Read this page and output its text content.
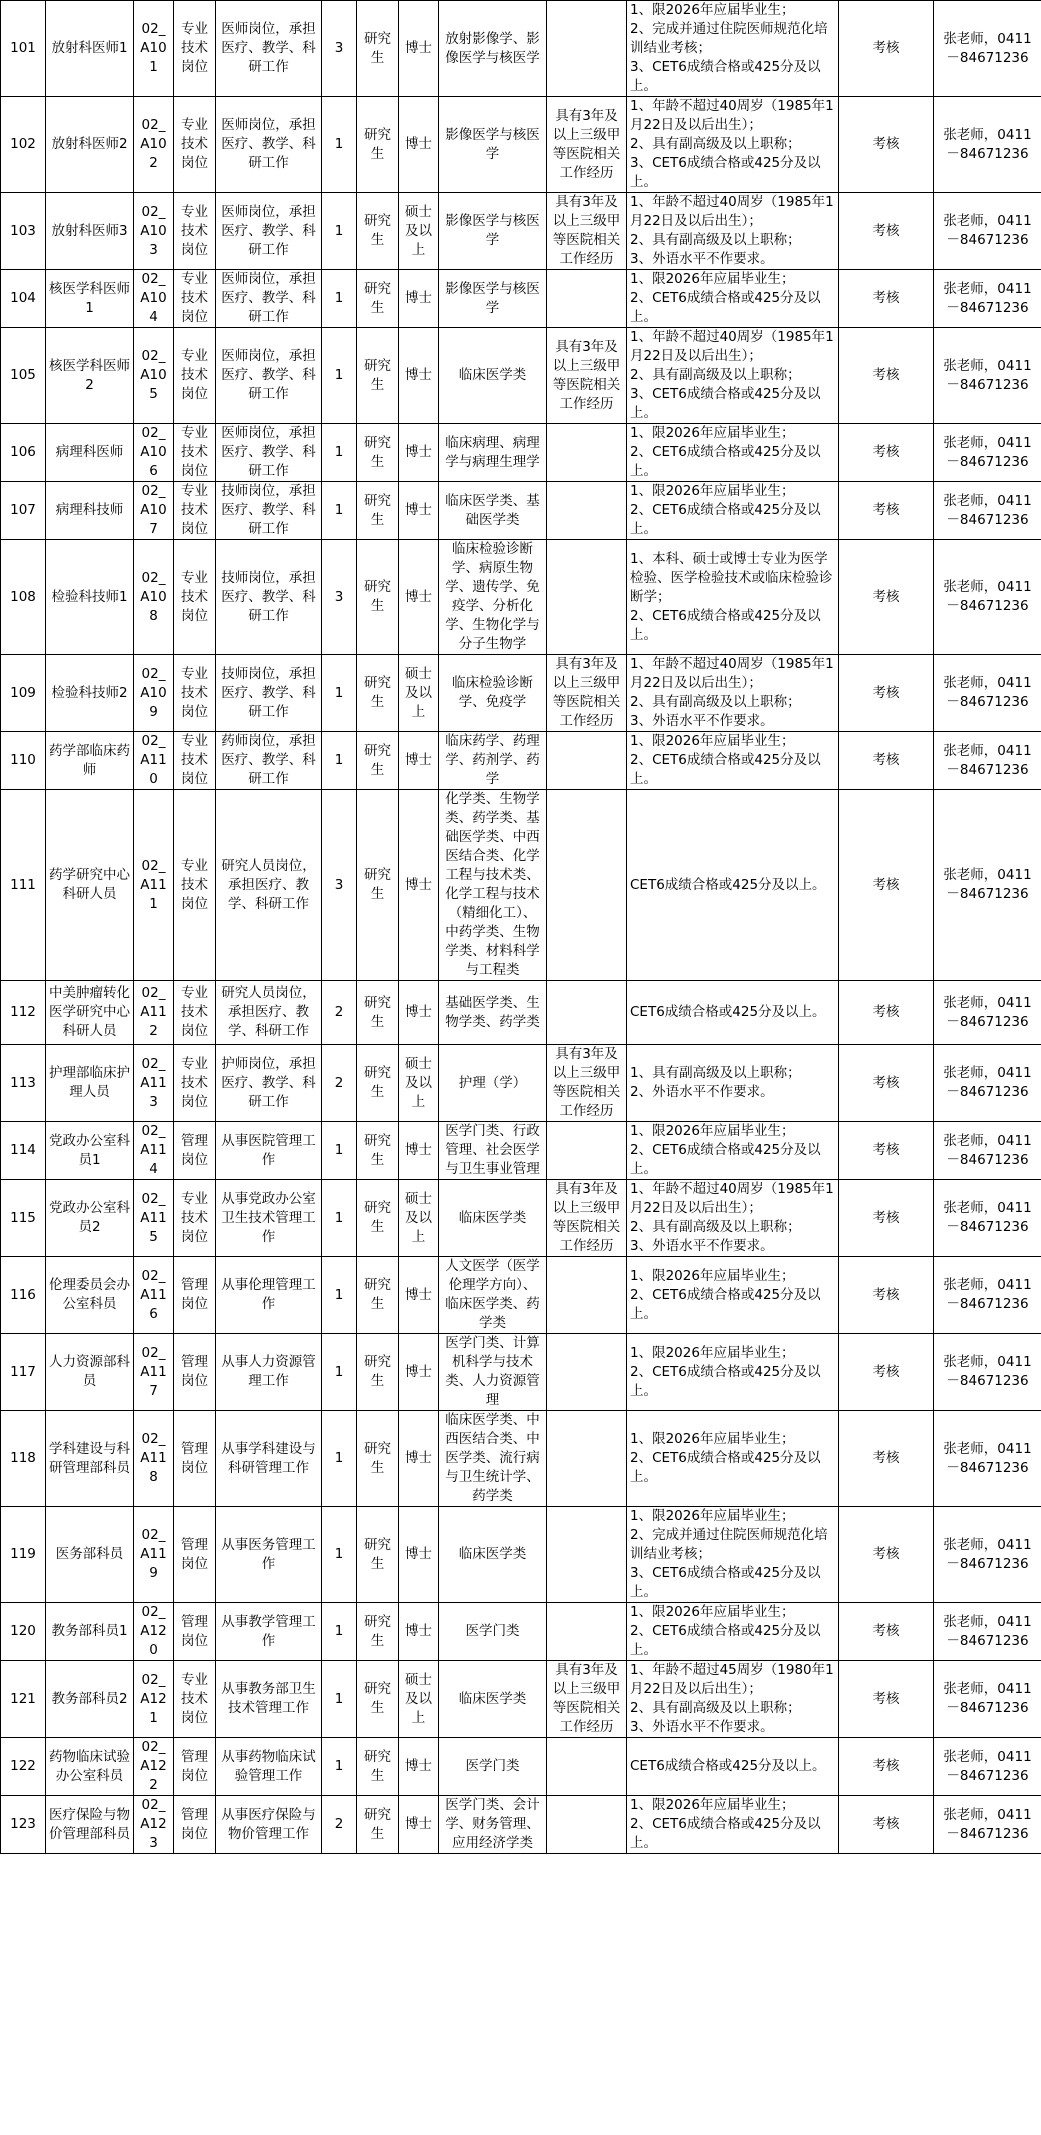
101	放射科医师1	02_A101	专业技术岗位	医师岗位，承担医疗、教学、科研工作	3	研究生	博士	放射影像学、影像医学与核医学		1、限2026年应届毕业生；
2、完成并通过住院医师规范化培训结业考核；
3、CET6成绩合格或425分及以上。	考核	张老师，0411－84671236
102	放射科医师2	02_A102	专业技术岗位	医师岗位，承担医疗、教学、科研工作	1	研究生	博士	影像医学与核医学	具有3年及以上三级甲等医院相关工作经历	1、年龄不超过40周岁（1985年1月22日及以后出生）；
2、具有副高级及以上职称；
3、CET6成绩合格或425分及以上。	考核	张老师，0411－84671236
103	放射科医师3	02_A103	专业技术岗位	医师岗位，承担医疗、教学、科研工作	1	研究生	硕士及以上	影像医学与核医学	具有3年及以上三级甲等医院相关工作经历	1、年龄不超过40周岁（1985年1月22日及以后出生）；
2、具有副高级及以上职称；
3、外语水平不作要求。	考核	张老师，0411－84671236
104	核医学科医师1	02_A104	专业技术岗位	医师岗位，承担医疗、教学、科研工作	1	研究生	博士	影像医学与核医学		1、限2026年应届毕业生；
2、CET6成绩合格或425分及以上。	考核	张老师，0411－84671236
105	核医学科医师2	02_A105	专业技术岗位	医师岗位，承担医疗、教学、科研工作	1	研究生	博士	临床医学类	具有3年及以上三级甲等医院相关工作经历	1、年龄不超过40周岁（1985年1月22日及以后出生）；
2、具有副高级及以上职称；
3、CET6成绩合格或425分及以上。	考核	张老师，0411－84671236
106	病理科医师	02_A106	专业技术岗位	医师岗位，承担医疗、教学、科研工作	1	研究生	博士	临床病理、病理学与病理生理学		1、限2026年应届毕业生；
2、CET6成绩合格或425分及以上。	考核	张老师，0411－84671236
107	病理科技师	02_A107	专业技术岗位	技师岗位，承担医疗、教学、科研工作	1	研究生	博士	临床医学类、基础医学类		1、限2026年应届毕业生；
2、CET6成绩合格或425分及以上。	考核	张老师，0411－84671236
108	检验科技师1	02_A108	专业技术岗位	技师岗位，承担医疗、教学、科研工作	3	研究生	博士	临床检验诊断学、病原生物学、遗传学、免疫学、分析化学、生物化学与分子生物学		1、本科、硕士或博士专业为医学检验、医学检验技术或临床检验诊断学；
2、CET6成绩合格或425分及以上。	考核	张老师，0411－84671236
109	检验科技师2	02_A109	专业技术岗位	技师岗位，承担医疗、教学、科研工作	1	研究生	硕士及以上	临床检验诊断学、免疫学	具有3年及以上三级甲等医院相关工作经历	1、年龄不超过40周岁（1985年1月22日及以后出生）；
2、具有副高级及以上职称；
3、外语水平不作要求。	考核	张老师，0411－84671236
110	药学部临床药师	02_A110	专业技术岗位	药师岗位，承担医疗、教学、科研工作	1	研究生	博士	临床药学、药理学、药剂学、药学		1、限2026年应届毕业生；
2、CET6成绩合格或425分及以上。	考核	张老师，0411－84671236
111	药学研究中心科研人员	02_A111	专业技术岗位	研究人员岗位，承担医疗、教学、科研工作	3	研究生	博士	化学类、生物学类、药学类、基础医学类、中西医结合类、化学工程与技术类、化学工程与技术（精细化工）、中药学类、生物学类、材料科学与工程类		CET6成绩合格或425分及以上。	考核	张老师，0411－84671236
112	中美肿瘤转化医学研究中心科研人员	02_A112	专业技术岗位	研究人员岗位，承担医疗、教学、科研工作	2	研究生	博士	基础医学类、生物学类、药学类		CET6成绩合格或425分及以上。	考核	张老师，0411－84671236
113	护理部临床护理人员	02_A113	专业技术岗位	护师岗位，承担医疗、教学、科研工作	2	研究生	硕士及以上	护理（学）	具有3年及以上三级甲等医院相关工作经历	1、具有副高级及以上职称；
2、外语水平不作要求。	考核	张老师，0411－84671236
114	党政办公室科员1	02_A114	管理岗位	从事医院管理工作	1	研究生	博士	医学门类、行政管理、社会医学与卫生事业管理		1、限2026年应届毕业生；
2、CET6成绩合格或425分及以上。	考核	张老师，0411－84671236
115	党政办公室科员2	02_A115	专业技术岗位	从事党政办公室卫生技术管理工作	1	研究生	硕士及以上	临床医学类	具有3年及以上三级甲等医院相关工作经历	1、年龄不超过40周岁（1985年1月22日及以后出生）；
2、具有副高级及以上职称；
3、外语水平不作要求。	考核	张老师，0411－84671236
116	伦理委员会办公室科员	02_A116	管理岗位	从事伦理管理工作	1	研究生	博士	人文医学（医学伦理学方向）、临床医学类、药学类		1、限2026年应届毕业生；
2、CET6成绩合格或425分及以上。	考核	张老师，0411－84671236
117	人力资源部科员	02_A117	管理岗位	从事人力资源管理工作	1	研究生	博士	医学门类、计算机科学与技术类、人力资源管理		1、限2026年应届毕业生；
2、CET6成绩合格或425分及以上。	考核	张老师，0411－84671236
118	学科建设与科研管理部科员	02_A118	管理岗位	从事学科建设与科研管理工作	1	研究生	博士	临床医学类、中西医结合类、中医学类、流行病与卫生统计学、药学类		1、限2026年应届毕业生；
2、CET6成绩合格或425分及以上。	考核	张老师，0411－84671236
119	医务部科员	02_A119	管理岗位	从事医务管理工作	1	研究生	博士	临床医学类		1、限2026年应届毕业生；
2、完成并通过住院医师规范化培训结业考核；
3、CET6成绩合格或425分及以上。	考核	张老师，0411－84671236
120	教务部科员1	02_A120	管理岗位	从事教学管理工作	1	研究生	博士	医学门类		1、限2026年应届毕业生；
2、CET6成绩合格或425分及以上。	考核	张老师，0411－84671236
121	教务部科员2	02_A121	专业技术岗位	从事教务部卫生技术管理工作	1	研究生	硕士及以上	临床医学类	具有3年及以上三级甲等医院相关工作经历	1、年龄不超过45周岁（1980年1月22日及以后出生）；
2、具有副高级及以上职称；
3、外语水平不作要求。	考核	张老师，0411－84671236
122	药物临床试验办公室科员	02_A122	管理岗位	从事药物临床试验管理工作	1	研究生	博士	医学门类		CET6成绩合格或425分及以上。	考核	张老师，0411－84671236
123	医疗保险与物价管理部科员	02_A123	管理岗位	从事医疗保险与物价管理工作	2	研究生	博士	医学门类、会计学、财务管理、应用经济学类		1、限2026年应届毕业生；
2、CET6成绩合格或425分及以上。	考核	张老师，0411－84671236
